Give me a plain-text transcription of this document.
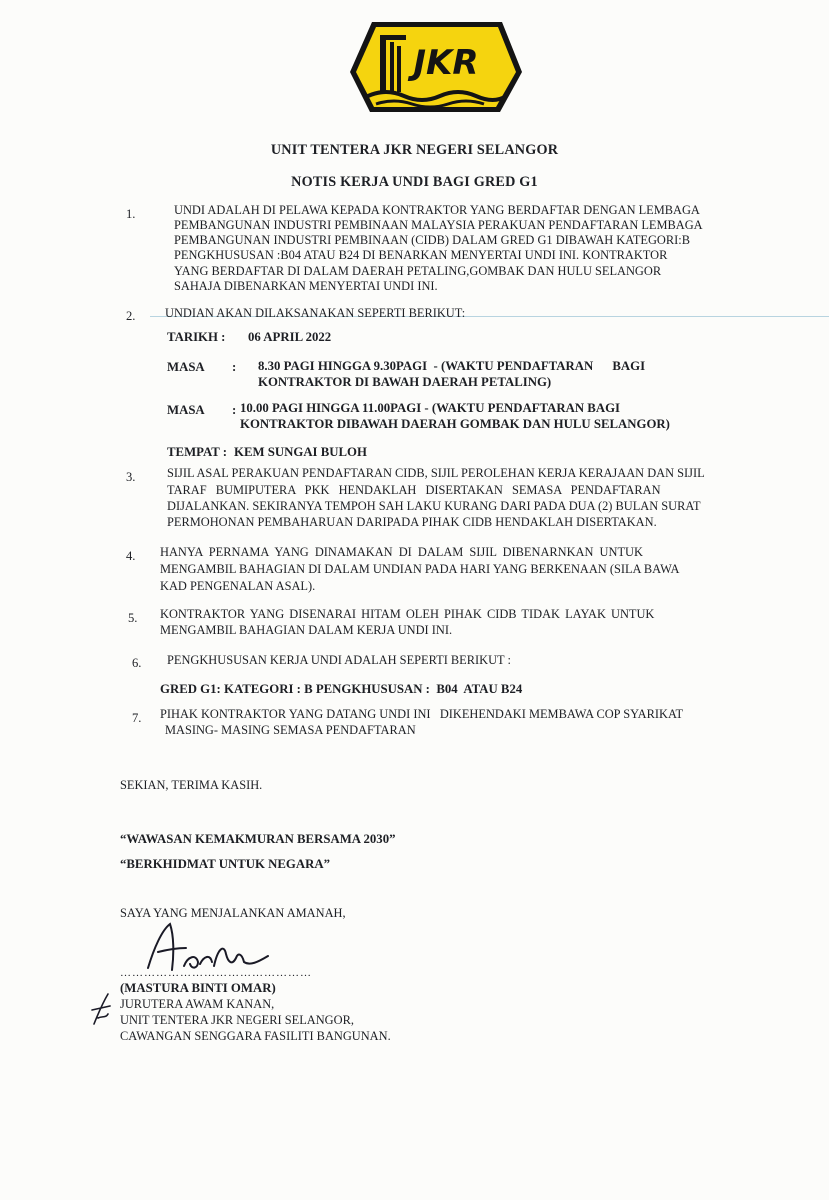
JKR
UNIT TENTERA JKR NEGERI SELANGOR
NOTIS KERJA UNDI BAGI GRED G1
1.	UNDI ADALAH DI PELAWA KEPADA KONTRAKTOR YANG BERDAFTAR DENGAN LEMBAGA
PEMBANGUNAN INDUSTRI PEMBINAAN MALAYSIA PERAKUAN PENDAFTARAN LEMBAGA
PEMBANGUNAN INDUSTRI PEMBINAAN (CIDB) DALAM GRED G1 DIBAWAH KATEGORI:B
PENGKHUSUSAN :B04 ATAU B24 DI BENARKAN MENYERTAI UNDI INI. KONTRAKTOR
YANG BERDAFTAR DI DALAM DAERAH PETALING,GOMBAK DAN HULU SELANGOR
SAHAJA DIBENARKAN MENYERTAI UNDI INI.
2. UNDIAN AKAN DILAKSANAKAN SEPERTI BERIKUT:
TARIKH : 06 APRIL 2022
MASA : 8.30 PAGI HINGGA 9.30PAGI  - (WAKTU PENDAFTARAN      BAGI
KONTRAKTOR DI BAWAH DAERAH PETALING)
MASA : 10.00 PAGI HINGGA 11.00PAGI - (WAKTU PENDAFTARAN BAGI
KONTRAKTOR DIBAWAH DAERAH GOMBAK DAN HULU SELANGOR)
TEMPAT : KEM SUNGAI BULOH
3.	SIJIL ASAL PERAKUAN PENDAFTARAN CIDB, SIJIL PEROLEHAN KERJA KERAJAAN DAN SIJIL
TARAF BUMIPUTERA PKK HENDAKLAH DISERTAKAN SEMASA PENDAFTARAN
DIJALANKAN. SEKIRANYA TEMPOH SAH LAKU KURANG DARI PADA DUA (2) BULAN SURAT
PERMOHONAN PEMBAHARUAN DARIPADA PIHAK CIDB HENDAKLAH DISERTAKAN.
4. HANYA PERNAMA YANG DINAMAKAN DI DALAM SIJIL DIBENARNKAN UNTUK
MENGAMBIL BAHAGIAN DI DALAM UNDIAN PADA HARI YANG BERKENAAN (SILA BAWA
KAD PENGENALAN ASAL).
5. KONTRAKTOR YANG DISENARAI HITAM OLEH PIHAK CIDB TIDAK LAYAK UNTUK
MENGAMBIL BAHAGIAN DALAM KERJA UNDI INI.
6. PENGKHUSUSAN KERJA UNDI ADALAH SEPERTI BERIKUT :
GRED G1: KATEGORI : B PENGKHUSUSAN :  B04  ATAU B24
7. PIHAK KONTRAKTOR YANG DATANG UNDI INI   DIKEHENDAKI MEMBAWA COP SYARIKAT
MASING- MASING SEMASA PENDAFTARAN
SEKIAN, TERIMA KASIH.
“WAWASAN KEMAKMURAN BERSAMA 2030”
“BERKHIDMAT UNTUK NEGARA”
SAYA YANG MENJALANKAN AMANAH,
…………………………………………
(MASTURA BINTI OMAR)
JURUTERA AWAM KANAN,
UNIT TENTERA JKR NEGERI SELANGOR,
CAWANGAN SENGGARA FASILITI BANGUNAN.
